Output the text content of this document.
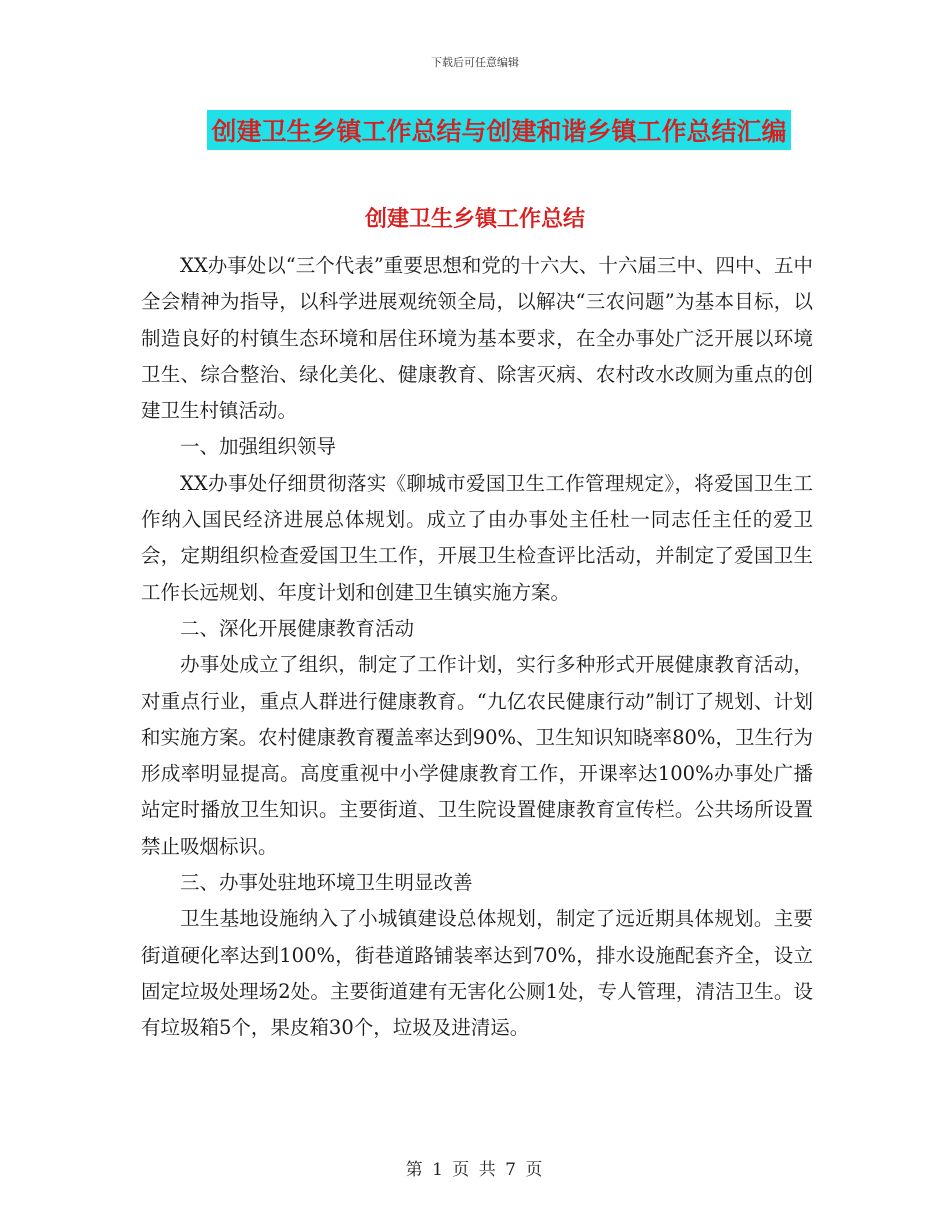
下载后可任意编辑
创建卫生乡镇工作总结与创建和谐乡镇工作总结汇编
创建卫生乡镇工作总结

XX办事处以“三个代表”重要思想和党的十六大、十六届三中、四中、五中全会精神为指导，以科学进展观统领全局，以解决“三农问题”为基本目标，以制造良好的村镇生态环境和居住环境为基本要求，在全办事处广泛开展以环境卫生、综合整治、绿化美化、健康教育、除害灭病、农村改水改厕为重点的创建卫生村镇活动。

一、加强组织领导

XX办事处仔细贯彻落实《聊城市爱国卫生工作管理规定》，将爱国卫生工作纳入国民经济进展总体规划。成立了由办事处主任杜一同志任主任的爱卫会，定期组织检查爱国卫生工作，开展卫生检查评比活动，并制定了爱国卫生工作长远规划、年度计划和创建卫生镇实施方案。

二、深化开展健康教育活动

办事处成立了组织，制定了工作计划，实行多种形式开展健康教育活动，对重点行业，重点人群进行健康教育。“九亿农民健康行动”制订了规划、计划和实施方案。农村健康教育覆盖率达到90%、卫生知识知晓率80%，卫生行为形成率明显提高。高度重视中小学健康教育工作，开课率达100%办事处广播站定时播放卫生知识。主要街道、卫生院设置健康教育宣传栏。公共场所设置禁止吸烟标识。

三、办事处驻地环境卫生明显改善

卫生基地设施纳入了小城镇建设总体规划，制定了远近期具体规划。主要街道硬化率达到100%，街巷道路铺装率达到70%，排水设施配套齐全，设立固定垃圾处理场2处。主要街道建有无害化公厕1处，专人管理，清洁卫生。设有垃圾箱5个，果皮箱30个，垃圾及进清运。

第 1 页 共 7 页
